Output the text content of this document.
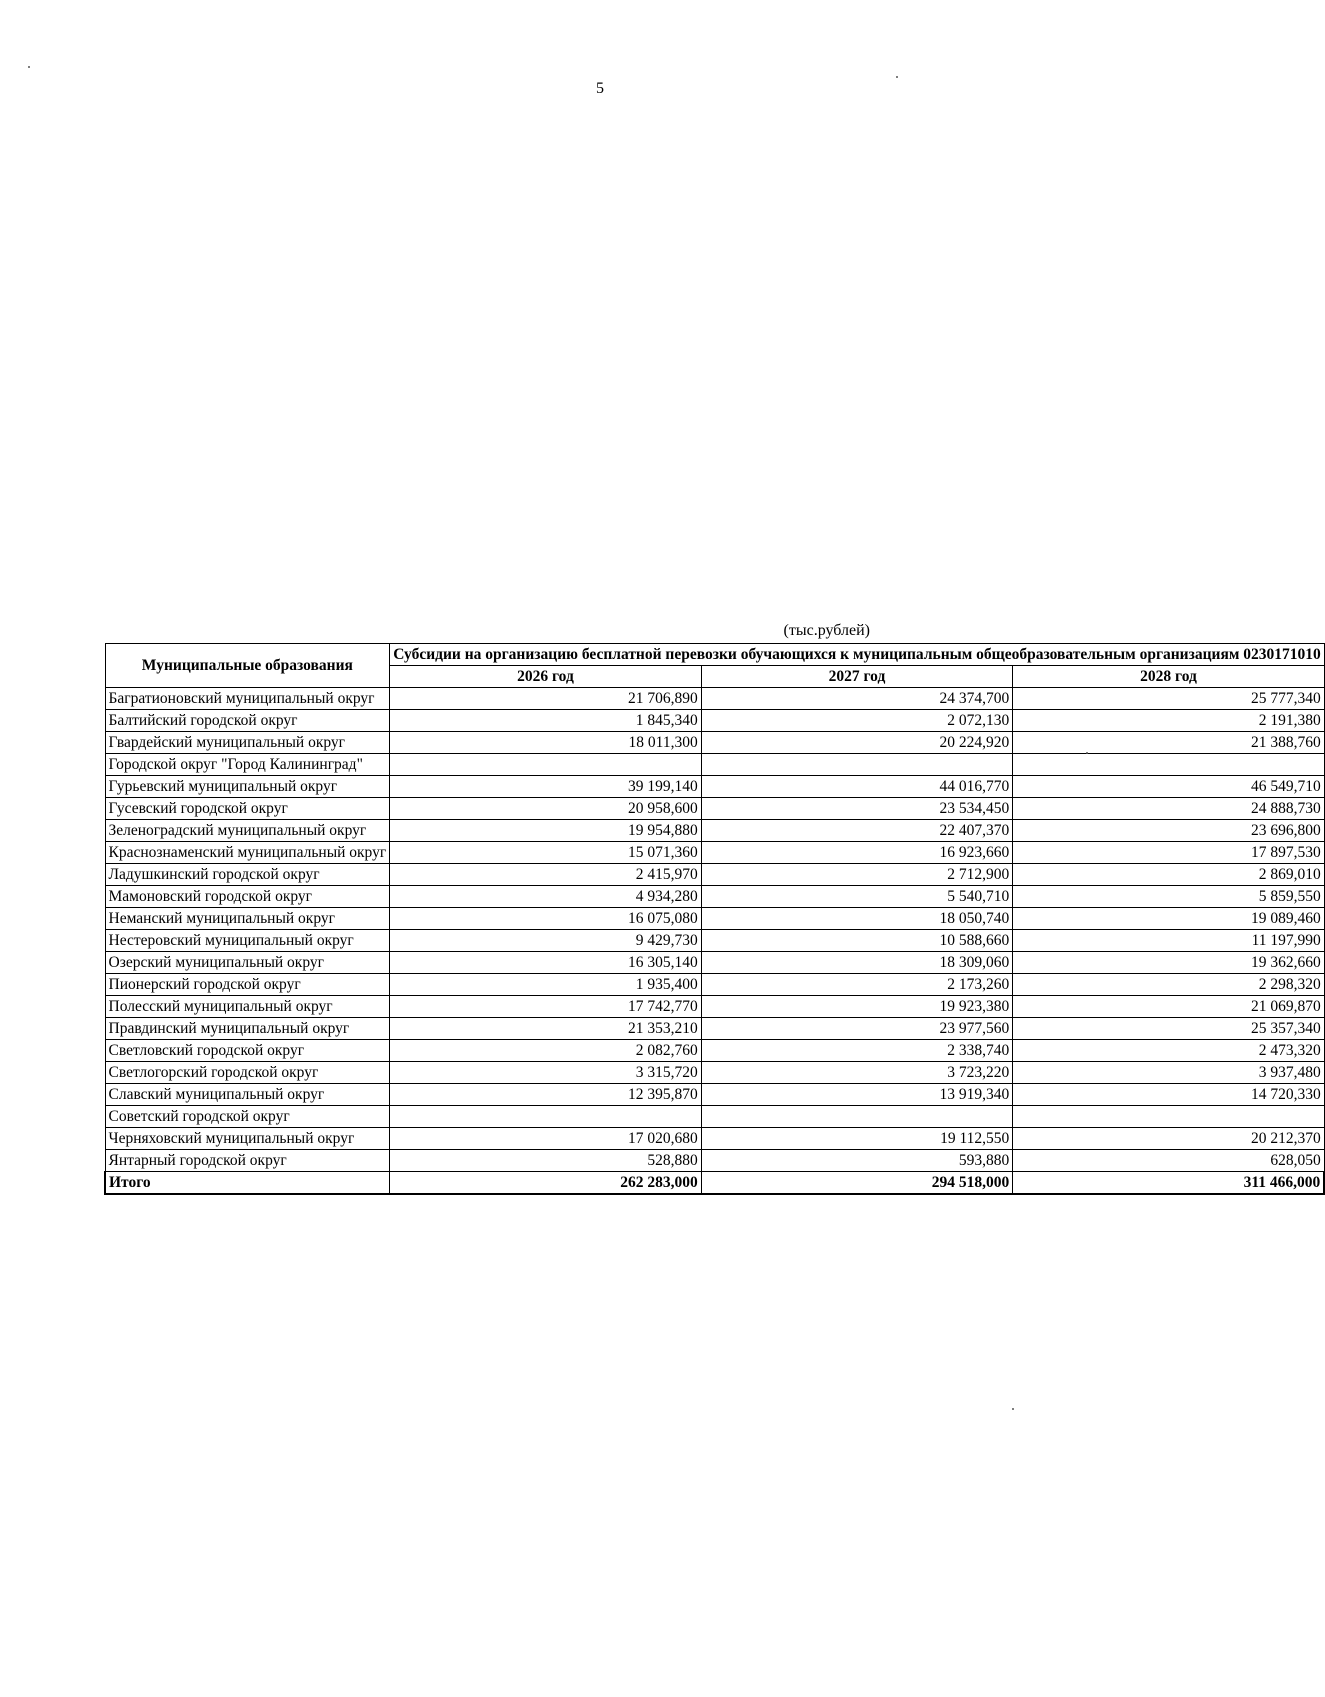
5
(тыс.рублей)
Муниципальные образования	Субсидии на организацию бесплатной перевозки обучающихся к муниципальным общеобразовательным организациям 0230171010		
	2026 год	2027 год	2028 год
Багратионовский муниципальный округ	21 706,890	24 374,700	25 777,340
Балтийский городской округ	1 845,340	2 072,130	2 191,380
Гвардейский муниципальный округ	18 011,300	20 224,920	21 388,760
Городской округ "Город Калининград"			
Гурьевский муниципальный округ	39 199,140	44 016,770	46 549,710
Гусевский городской округ	20 958,600	23 534,450	24 888,730
Зеленоградский муниципальный округ	19 954,880	22 407,370	23 696,800
Краснознаменский муниципальный округ	15 071,360	16 923,660	17 897,530
Ладушкинский городской округ	2 415,970	2 712,900	2 869,010
Мамоновский городской округ	4 934,280	5 540,710	5 859,550
Неманский муниципальный округ	16 075,080	18 050,740	19 089,460
Нестеровский муниципальный округ	9 429,730	10 588,660	11 197,990
Озерский муниципальный округ	16 305,140	18 309,060	19 362,660
Пионерский городской округ	1 935,400	2 173,260	2 298,320
Полесский муниципальный округ	17 742,770	19 923,380	21 069,870
Правдинский муниципальный округ	21 353,210	23 977,560	25 357,340
Светловский городской округ	2 082,760	2 338,740	2 473,320
Светлогорский городской округ	3 315,720	3 723,220	3 937,480
Славский муниципальный округ	12 395,870	13 919,340	14 720,330
Советский городской округ			
Черняховский муниципальный округ	17 020,680	19 112,550	20 212,370
Янтарный городской округ	528,880	593,880	628,050
Итого	262 283,000	294 518,000	311 466,000
